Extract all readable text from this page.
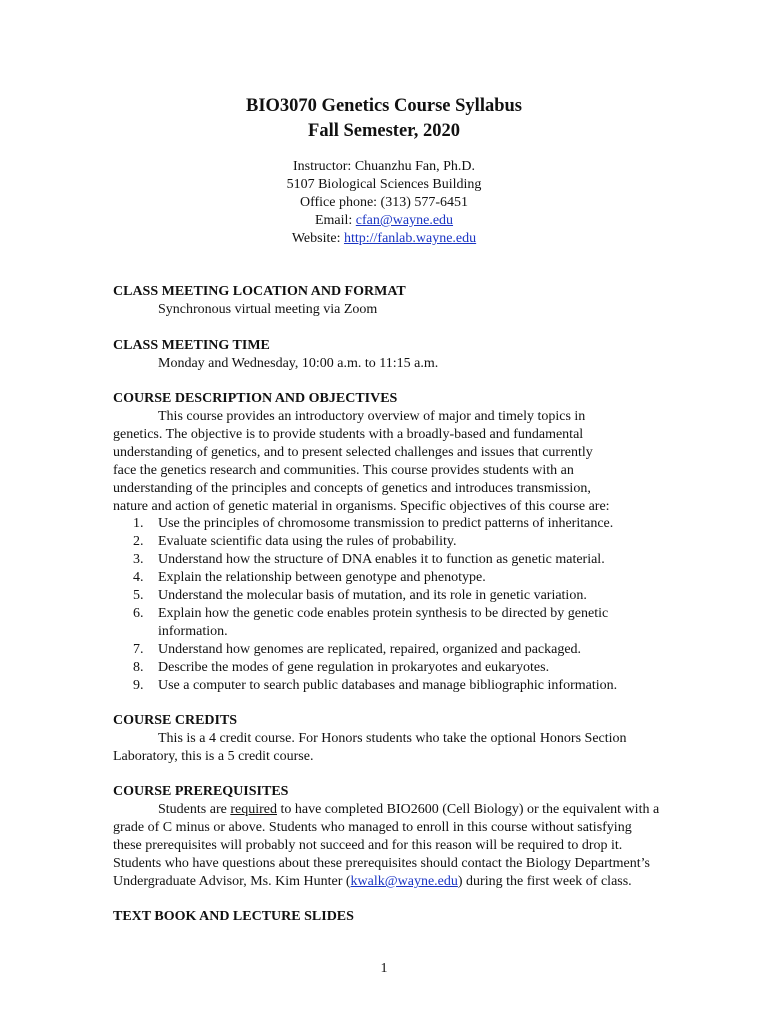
BIO3070 Genetics Course Syllabus
Fall Semester, 2020
Instructor: Chuanzhu Fan, Ph.D.
5107 Biological Sciences Building
Office phone: (313) 577-6451
Email: cfan@wayne.edu
Website: http://fanlab.wayne.edu
CLASS MEETING LOCATION AND FORMAT
Synchronous virtual meeting via Zoom
CLASS MEETING TIME
Monday and Wednesday, 10:00 a.m. to 11:15 a.m.
COURSE DESCRIPTION AND OBJECTIVES
This course provides an introductory overview of major and timely topics in
genetics. The objective is to provide students with a broadly-based and fundamental
understanding of genetics, and to present selected challenges and issues that currently
face the genetics research and communities. This course provides students with an
understanding of the principles and concepts of genetics and introduces transmission,
nature and action of genetic material in organisms. Specific objectives of this course are:
1. Use the principles of chromosome transmission to predict patterns of inheritance.
2. Evaluate scientific data using the rules of probability.
3. Understand how the structure of DNA enables it to function as genetic material.
4. Explain the relationship between genotype and phenotype.
5. Understand the molecular basis of mutation, and its role in genetic variation.
6. Explain how the genetic code enables protein synthesis to be directed by genetic
information.
7. Understand how genomes are replicated, repaired, organized and packaged.
8. Describe the modes of gene regulation in prokaryotes and eukaryotes.
9. Use a computer to search public databases and manage bibliographic information.
COURSE CREDITS
This is a 4 credit course. For Honors students who take the optional Honors Section
Laboratory, this is a 5 credit course.
COURSE PREREQUISITES
Students are required to have completed BIO2600 (Cell Biology) or the equivalent with a
grade of C minus or above. Students who managed to enroll in this course without satisfying
these prerequisites will probably not succeed and for this reason will be required to drop it.
Students who have questions about these prerequisites should contact the Biology Department’s
Undergraduate Advisor, Ms. Kim Hunter (kwalk@wayne.edu) during the first week of class.
TEXT BOOK AND LECTURE SLIDES
1
